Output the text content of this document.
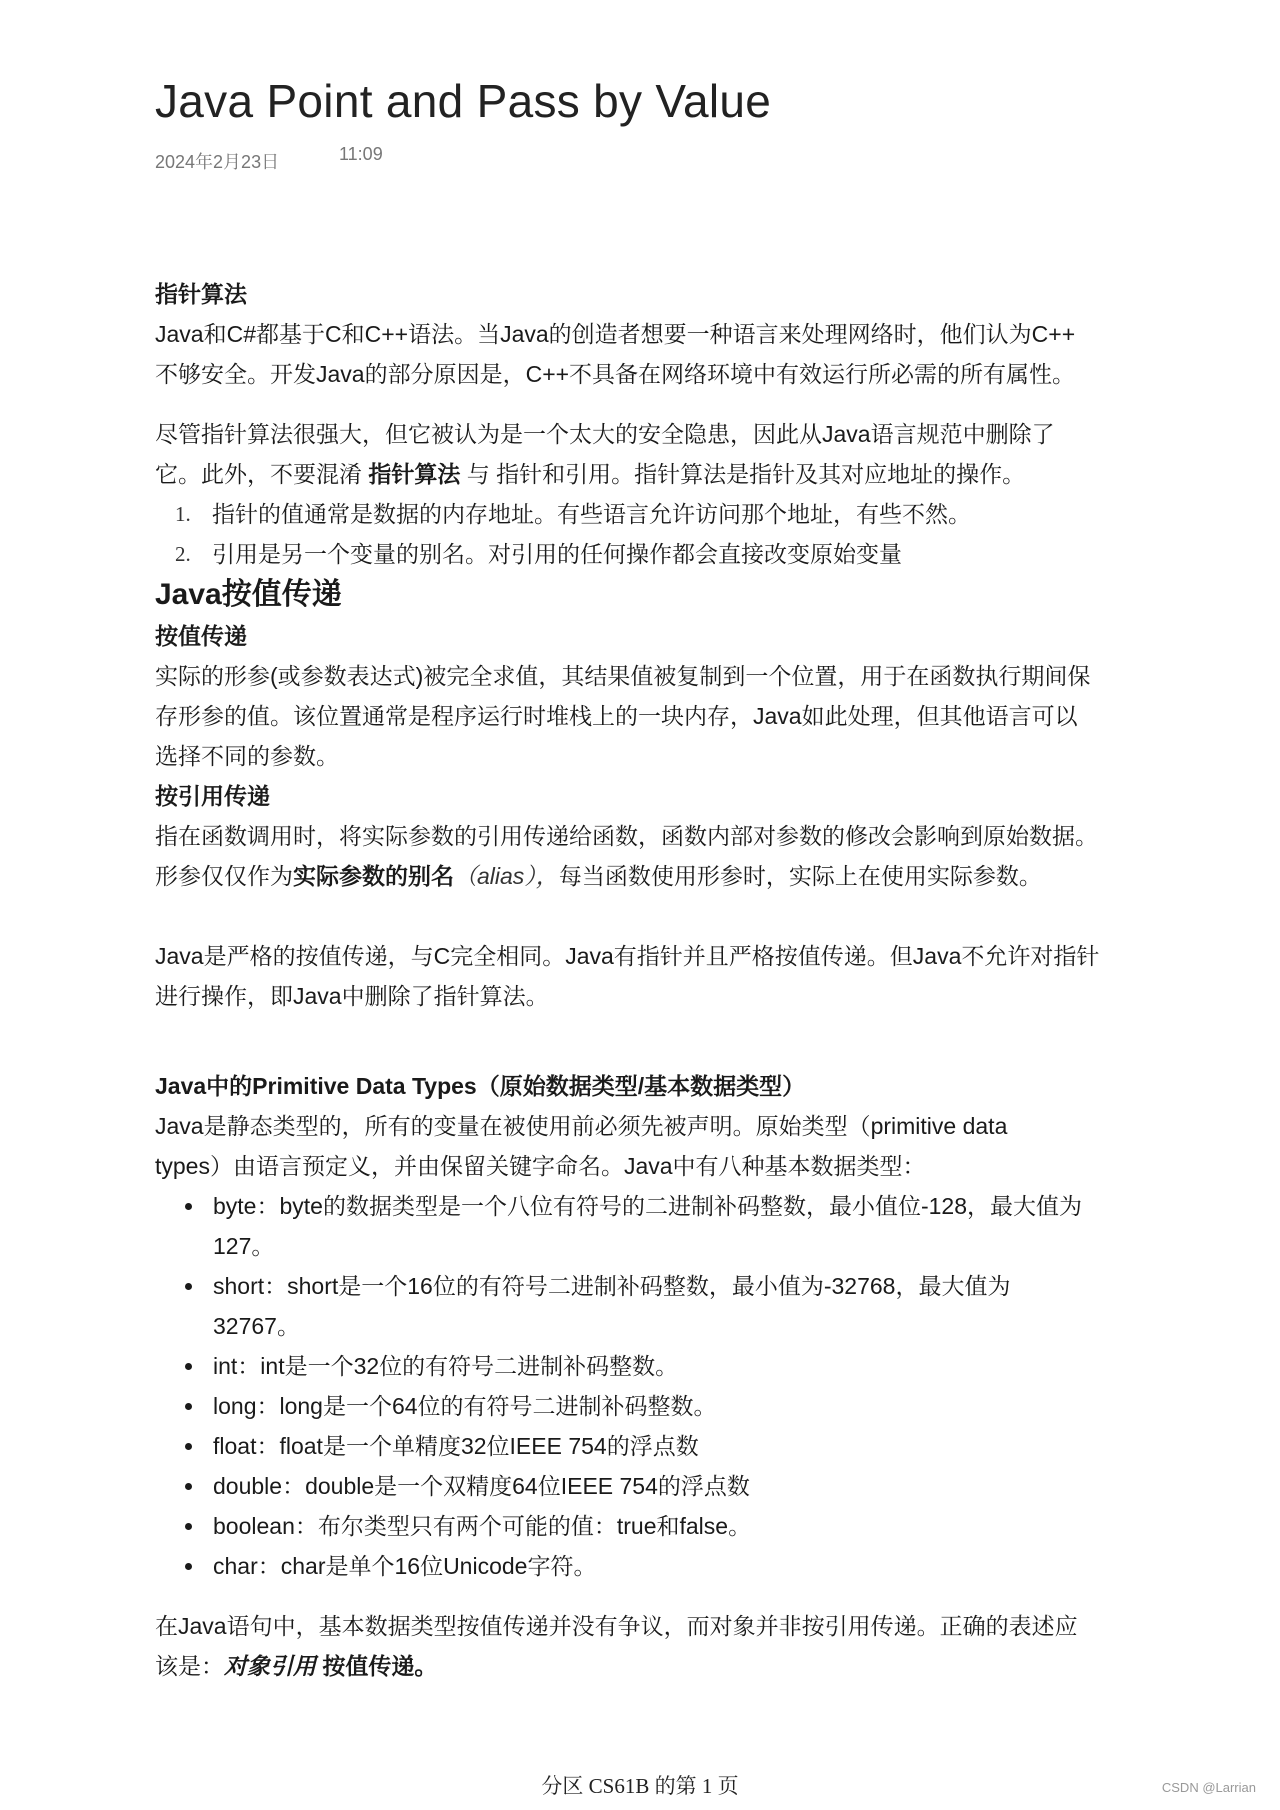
Java Point and Pass by Value
2024年2月23日	11:09

指针算法

Java和C#都基于C和C++语法。当Java的创造者想要一种语言来处理网络时，他们认为C++

不够安全。开发Java的部分原因是，C++不具备在网络环境中有效运行所必需的所有属性。

尽管指针算法很强大，但它被认为是一个太大的安全隐患，因此从Java语言规范中删除了

它。此外，不要混淆 指针算法 与 指针和引用。指针算法是指针及其对应地址的操作。

1. 指针的值通常是数据的内存地址。有些语言允许访问那个地址，有些不然。
2. 引用是另一个变量的别名。对引用的任何操作都会直接改变原始变量

Java按值传递

按值传递

实际的形参(或参数表达式)被完全求值，其结果值被复制到一个位置，用于在函数执行期间保

存形参的值。该位置通常是程序运行时堆栈上的一块内存，Java如此处理，但其他语言可以

选择不同的参数。

按引用传递

指在函数调用时，将实际参数的引用传递给函数，函数内部对参数的修改会影响到原始数据。

形参仅仅作为实际参数的别名（alias），每当函数使用形参时，实际上在使用实际参数。

Java是严格的按值传递，与C完全相同。Java有指针并且严格按值传递。但Java不允许对指针

进行操作，即Java中删除了指针算法。

Java中的Primitive Data Types（原始数据类型/基本数据类型）

Java是静态类型的，所有的变量在被使用前必须先被声明。原始类型（primitive data

types）由语言预定义，并由保留关键字命名。Java中有八种基本数据类型：

byte：byte的数据类型是一个八位有符号的二进制补码整数，最小值位-128，最大值为
127。
short：short是一个16位的有符号二进制补码整数，最小值为-32768，最大值为
32767。
int：int是一个32位的有符号二进制补码整数。
long：long是一个64位的有符号二进制补码整数。
float：float是一个单精度32位IEEE 754的浮点数
double：double是一个双精度64位IEEE 754的浮点数
boolean：布尔类型只有两个可能的值：true和false。
char：char是单个16位Unicode字符。

在Java语句中，基本数据类型按值传递并没有争议，而对象并非按引用传递。正确的表述应

该是：对象引用 按值传递。

分区 CS61B 的第 1 页	CSDN @Larrian
